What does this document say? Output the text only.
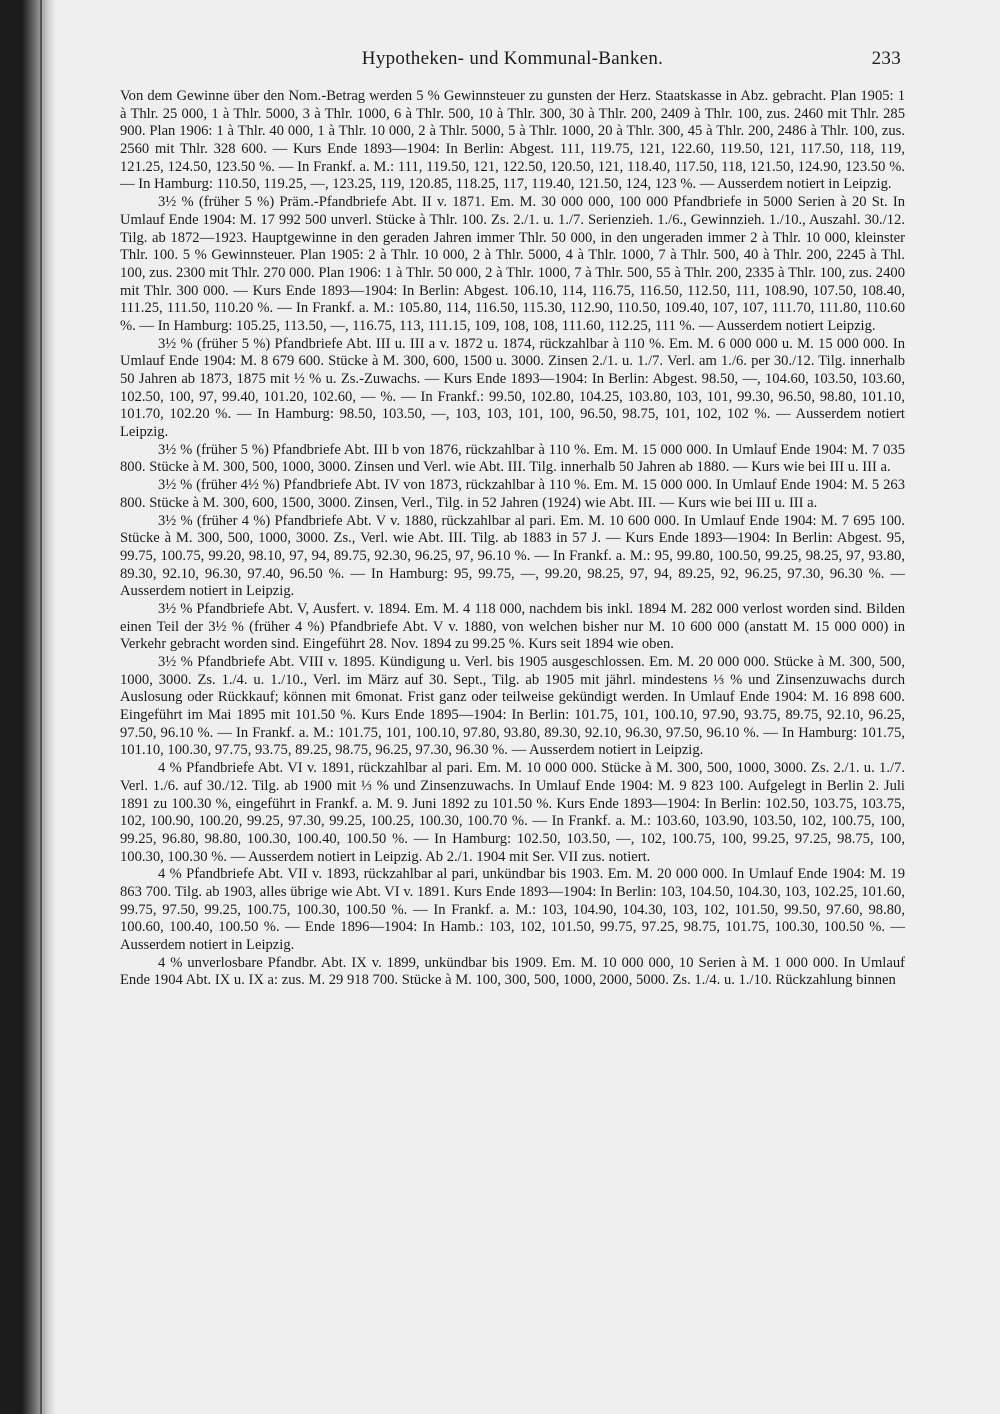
Hypotheken- und Kommunal-Banken.	233

Von dem Gewinne über den Nom.-Betrag werden 5 % Gewinnsteuer zu gunsten der Herz. Staatskasse in Abz. gebracht. Plan 1905: 1 à Thlr. 25 000, 1 à Thlr. 5000, 3 à Thlr. 1000, 6 à Thlr. 500, 10 à Thlr. 300, 30 à Thlr. 200, 2409 à Thlr. 100, zus. 2460 mit Thlr. 285 900. Plan 1906: 1 à Thlr. 40 000, 1 à Thlr. 10 000, 2 à Thlr. 5000, 5 à Thlr. 1000, 20 à Thlr. 300, 45 à Thlr. 200, 2486 à Thlr. 100, zus. 2560 mit Thlr. 328 600. — Kurs Ende 1893—1904: In Berlin: Abgest. 111, 119.75, 121, 122.60, 119.50, 121, 117.50, 118, 119, 121.25, 124.50, 123.50 %. — In Frankf. a. M.: 111, 119.50, 121, 122.50, 120.50, 121, 118.40, 117.50, 118, 121.50, 124.90, 123.50 %. — In Hamburg: 110.50, 119.25, —, 123.25, 119, 120.85, 118.25, 117, 119.40, 121.50, 124, 123 %. — Ausserdem notiert in Leipzig.

3½ % (früher 5 %) Präm.-Pfandbriefe Abt. II v. 1871. Em. M. 30 000 000, 100 000 Pfandbriefe in 5000 Serien à 20 St. In Umlauf Ende 1904: M. 17 992 500 unverl. Stücke à Thlr. 100. Zs. 2./1. u. 1./7. Serienzieh. 1./6., Gewinnzieh. 1./10., Auszahl. 30./12. Tilg. ab 1872—1923. Hauptgewinne in den geraden Jahren immer Thlr. 50 000, in den ungeraden immer 2 à Thlr. 10 000, kleinster Thlr. 100. 5 % Gewinnsteuer. Plan 1905: 2 à Thlr. 10 000, 2 à Thlr. 5000, 4 à Thlr. 1000, 7 à Thlr. 500, 40 à Thlr. 200, 2245 à Thl. 100, zus. 2300 mit Thlr. 270 000. Plan 1906: 1 à Thlr. 50 000, 2 à Thlr. 1000, 7 à Thlr. 500, 55 à Thlr. 200, 2335 à Thlr. 100, zus. 2400 mit Thlr. 300 000. — Kurs Ende 1893—1904: In Berlin: Abgest. 106.10, 114, 116.75, 116.50, 112.50, 111, 108.90, 107.50, 108.40, 111.25, 111.50, 110.20 %. — In Frankf. a. M.: 105.80, 114, 116.50, 115.30, 112.90, 110.50, 109.40, 107, 107, 111.70, 111.80, 110.60 %. — In Hamburg: 105.25, 113.50, —, 116.75, 113, 111.15, 109, 108, 108, 111.60, 112.25, 111 %. — Ausserdem notiert Leipzig.

3½ % (früher 5 %) Pfandbriefe Abt. III u. III a v. 1872 u. 1874, rückzahlbar à 110 %. Em. M. 6 000 000 u. M. 15 000 000. In Umlauf Ende 1904: M. 8 679 600. Stücke à M. 300, 600, 1500 u. 3000. Zinsen 2./1. u. 1./7. Verl. am 1./6. per 30./12. Tilg. innerhalb 50 Jahren ab 1873, 1875 mit ½ % u. Zs.-Zuwachs. — Kurs Ende 1893—1904: In Berlin: Abgest. 98.50, —, 104.60, 103.50, 103.60, 102.50, 100, 97, 99.40, 101.20, 102.60, — %. — In Frankf.: 99.50, 102.80, 104.25, 103.80, 103, 101, 99.30, 96.50, 98.80, 101.10, 101.70, 102.20 %. — In Hamburg: 98.50, 103.50, —, 103, 103, 101, 100, 96.50, 98.75, 101, 102, 102 %. — Ausserdem notiert Leipzig.

3½ % (früher 5 %) Pfandbriefe Abt. III b von 1876, rückzahlbar à 110 %. Em. M. 15 000 000. In Umlauf Ende 1904: M. 7 035 800. Stücke à M. 300, 500, 1000, 3000. Zinsen und Verl. wie Abt. III. Tilg. innerhalb 50 Jahren ab 1880. — Kurs wie bei III u. III a.

3½ % (früher 4½ %) Pfandbriefe Abt. IV von 1873, rückzahlbar à 110 %. Em. M. 15 000 000. In Umlauf Ende 1904: M. 5 263 800. Stücke à M. 300, 600, 1500, 3000. Zinsen, Verl., Tilg. in 52 Jahren (1924) wie Abt. III. — Kurs wie bei III u. III a.

3½ % (früher 4 %) Pfandbriefe Abt. V v. 1880, rückzahlbar al pari. Em. M. 10 600 000. In Umlauf Ende 1904: M. 7 695 100. Stücke à M. 300, 500, 1000, 3000. Zs., Verl. wie Abt. III. Tilg. ab 1883 in 57 J. — Kurs Ende 1893—1904: In Berlin: Abgest. 95, 99.75, 100.75, 99.20, 98.10, 97, 94, 89.75, 92.30, 96.25, 97, 96.10 %. — In Frankf. a. M.: 95, 99.80, 100.50, 99.25, 98.25, 97, 93.80, 89.30, 92.10, 96.30, 97.40, 96.50 %. — In Hamburg: 95, 99.75, —, 99.20, 98.25, 97, 94, 89.25, 92, 96.25, 97.30, 96.30 %. — Ausserdem notiert in Leipzig.

3½ % Pfandbriefe Abt. V, Ausfert. v. 1894. Em. M. 4 118 000, nachdem bis inkl. 1894 M. 282 000 verlost worden sind. Bilden einen Teil der 3½ % (früher 4 %) Pfandbriefe Abt. V v. 1880, von welchen bisher nur M. 10 600 000 (anstatt M. 15 000 000) in Verkehr gebracht worden sind. Eingeführt 28. Nov. 1894 zu 99.25 %. Kurs seit 1894 wie oben.

3½ % Pfandbriefe Abt. VIII v. 1895. Kündigung u. Verl. bis 1905 ausgeschlossen. Em. M. 20 000 000. Stücke à M. 300, 500, 1000, 3000. Zs. 1./4. u. 1./10., Verl. im März auf 30. Sept., Tilg. ab 1905 mit jährl. mindestens ⅓ % und Zinsenzuwachs durch Auslosung oder Rückkauf; können mit 6monat. Frist ganz oder teilweise gekündigt werden. In Umlauf Ende 1904: M. 16 898 600. Eingeführt im Mai 1895 mit 101.50 %. Kurs Ende 1895—1904: In Berlin: 101.75, 101, 100.10, 97.90, 93.75, 89.75, 92.10, 96.25, 97.50, 96.10 %. — In Frankf. a. M.: 101.75, 101, 100.10, 97.80, 93.80, 89.30, 92.10, 96.30, 97.50, 96.10 %. — In Hamburg: 101.75, 101.10, 100.30, 97.75, 93.75, 89.25, 98.75, 96.25, 97.30, 96.30 %. — Ausserdem notiert in Leipzig.

4 % Pfandbriefe Abt. VI v. 1891, rückzahlbar al pari. Em. M. 10 000 000. Stücke à M. 300, 500, 1000, 3000. Zs. 2./1. u. 1./7. Verl. 1./6. auf 30./12. Tilg. ab 1900 mit ⅓ % und Zinsenzuwachs. In Umlauf Ende 1904: M. 9 823 100. Aufgelegt in Berlin 2. Juli 1891 zu 100.30 %, eingeführt in Frankf. a. M. 9. Juni 1892 zu 101.50 %. Kurs Ende 1893—1904: In Berlin: 102.50, 103.75, 103.75, 102, 100.90, 100.20, 99.25, 97.30, 99.25, 100.25, 100.30, 100.70 %. — In Frankf. a. M.: 103.60, 103.90, 103.50, 102, 100.75, 100, 99.25, 96.80, 98.80, 100.30, 100.40, 100.50 %. — In Hamburg: 102.50, 103.50, —, 102, 100.75, 100, 99.25, 97.25, 98.75, 100, 100.30, 100.30 %. — Ausserdem notiert in Leipzig. Ab 2./1. 1904 mit Ser. VII zus. notiert.

4 % Pfandbriefe Abt. VII v. 1893, rückzahlbar al pari, unkündbar bis 1903. Em. M. 20 000 000. In Umlauf Ende 1904: M. 19 863 700. Tilg. ab 1903, alles übrige wie Abt. VI v. 1891. Kurs Ende 1893—1904: In Berlin: 103, 104.50, 104.30, 103, 102.25, 101.60, 99.75, 97.50, 99.25, 100.75, 100.30, 100.50 %. — In Frankf. a. M.: 103, 104.90, 104.30, 103, 102, 101.50, 99.50, 97.60, 98.80, 100.60, 100.40, 100.50 %. — Ende 1896—1904: In Hamb.: 103, 102, 101.50, 99.75, 97.25, 98.75, 101.75, 100.30, 100.50 %. — Ausserdem notiert in Leipzig.

4 % unverlosbare Pfandbr. Abt. IX v. 1899, unkündbar bis 1909. Em. M. 10 000 000, 10 Serien à M. 1 000 000. In Umlauf Ende 1904 Abt. IX u. IX a: zus. M. 29 918 700. Stücke à M. 100, 300, 500, 1000, 2000, 5000. Zs. 1./4. u. 1./10. Rückzahlung binnen
